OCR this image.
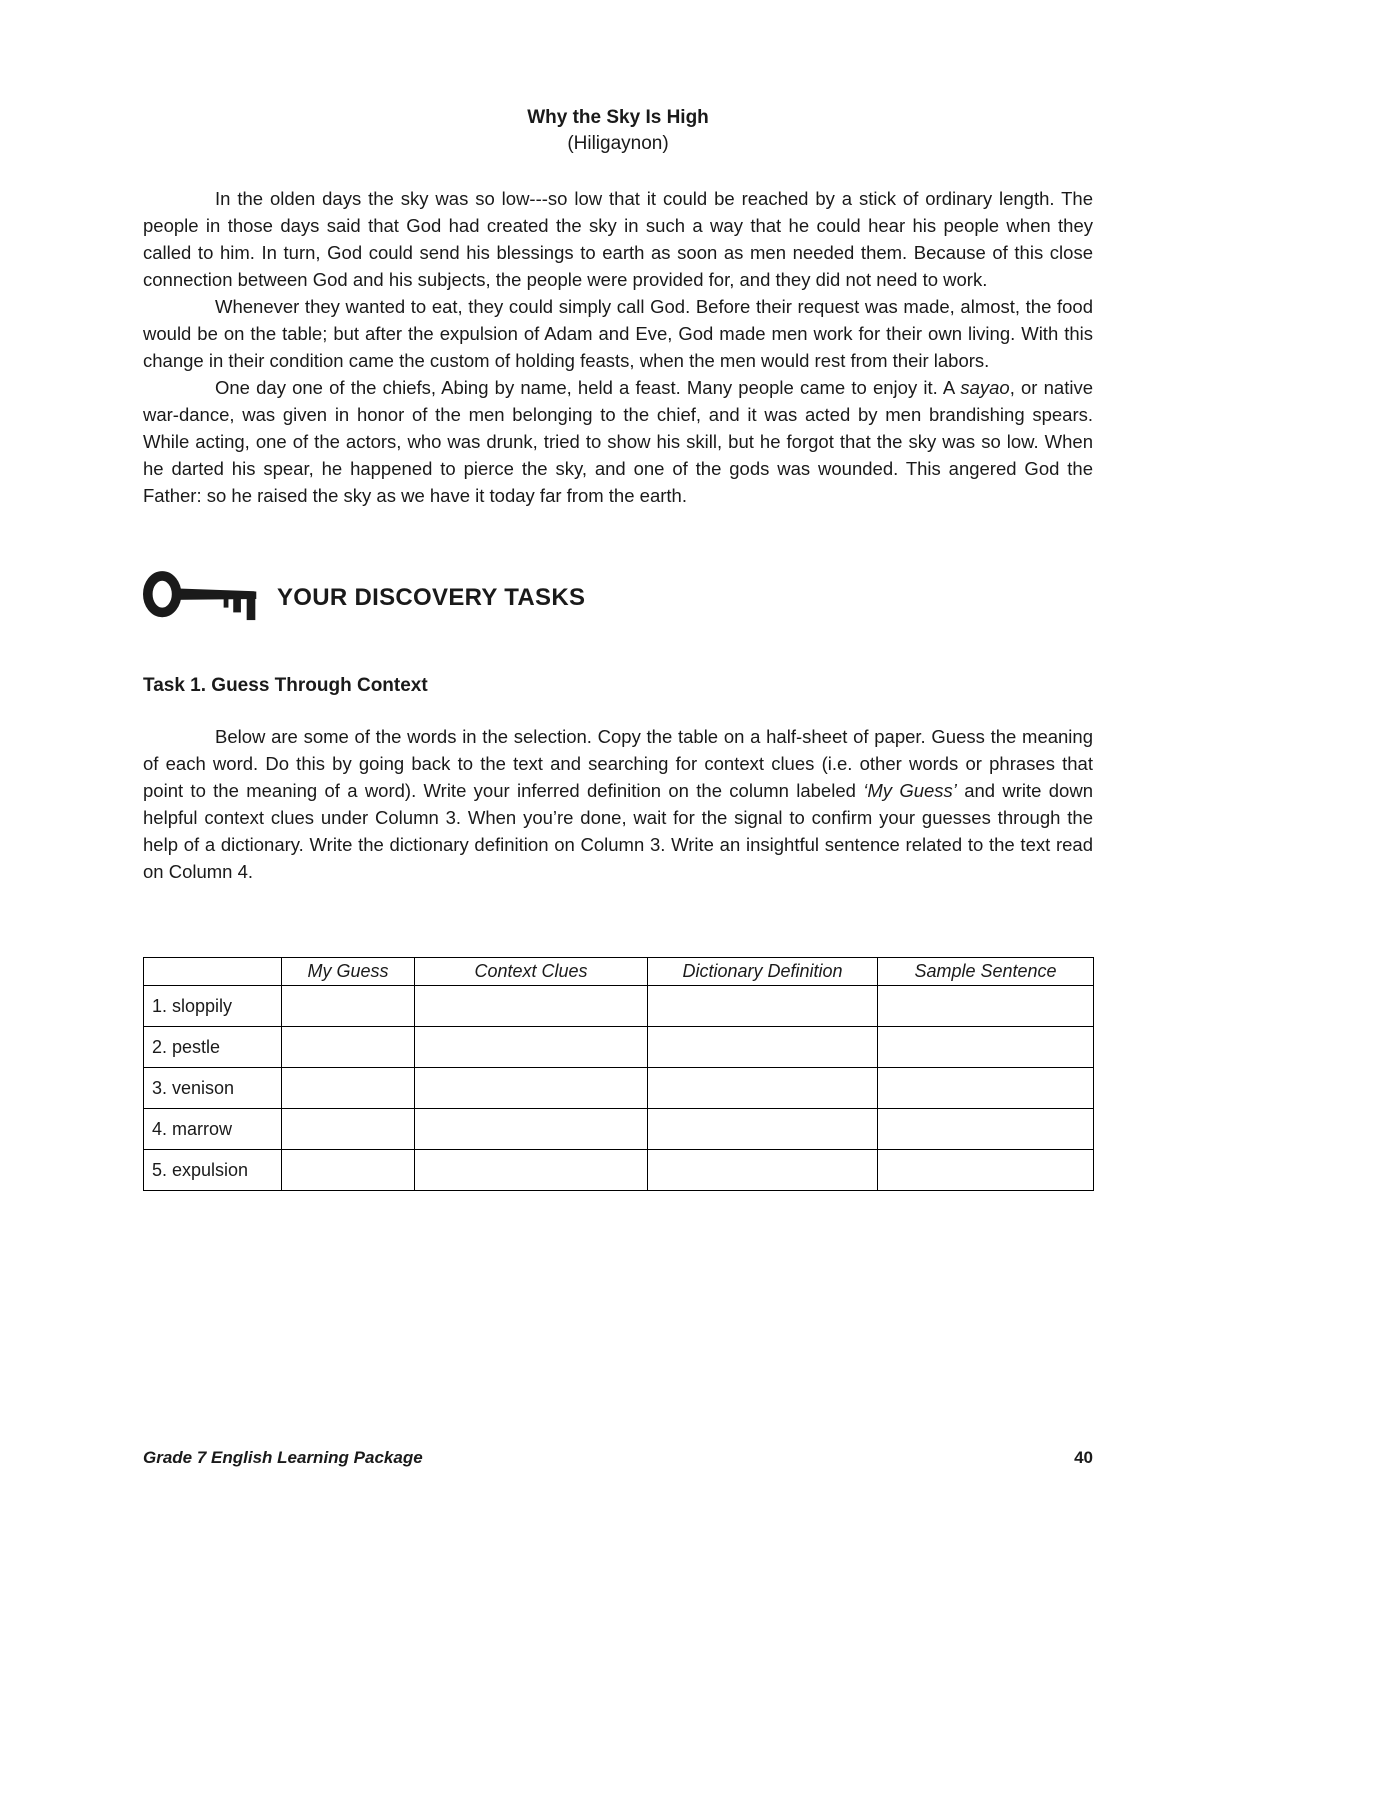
Why the Sky Is High
(Hiligaynon)

In the olden days the sky was so low---so low that it could be reached by a stick of ordinary length. The people in those days said that God had created the sky in such a way that he could hear his people when they called to him. In turn, God could send his blessings to earth as soon as men needed them. Because of this close connection between God and his subjects, the people were provided for, and they did not need to work.

Whenever they wanted to eat, they could simply call God. Before their request was made, almost, the food would be on the table; but after the expulsion of Adam and Eve, God made men work for their own living. With this change in their condition came the custom of holding feasts, when the men would rest from their labors.

One day one of the chiefs, Abing by name, held a feast. Many people came to enjoy it. A sayao, or native war-dance, was given in honor of the men belonging to the chief, and it was acted by men brandishing spears. While acting, one of the actors, who was drunk, tried to show his skill, but he forgot that the sky was so low. When he darted his spear, he happened to pierce the sky, and one of the gods was wounded. This angered God the Father: so he raised the sky as we have it today far from the earth.

YOUR DISCOVERY TASKS
Task 1. Guess Through Context

Below are some of the words in the selection. Copy the table on a half-sheet of paper. Guess the meaning of each word. Do this by going back to the text and searching for context clues (i.e. other words or phrases that point to the meaning of a word). Write your inferred definition on the column labeled ‘My Guess’ and write down helpful context clues under Column 3. When you’re done, wait for the signal to confirm your guesses through the help of a dictionary. Write the dictionary definition on Column 3. Write an insightful sentence related to the text read on Column 4.

	My Guess	Context Clues	Dictionary Definition	Sample Sentence
1. sloppily				
2. pestle				
3. venison				
4. marrow				
5. expulsion				
Grade 7 English Learning Package	40
